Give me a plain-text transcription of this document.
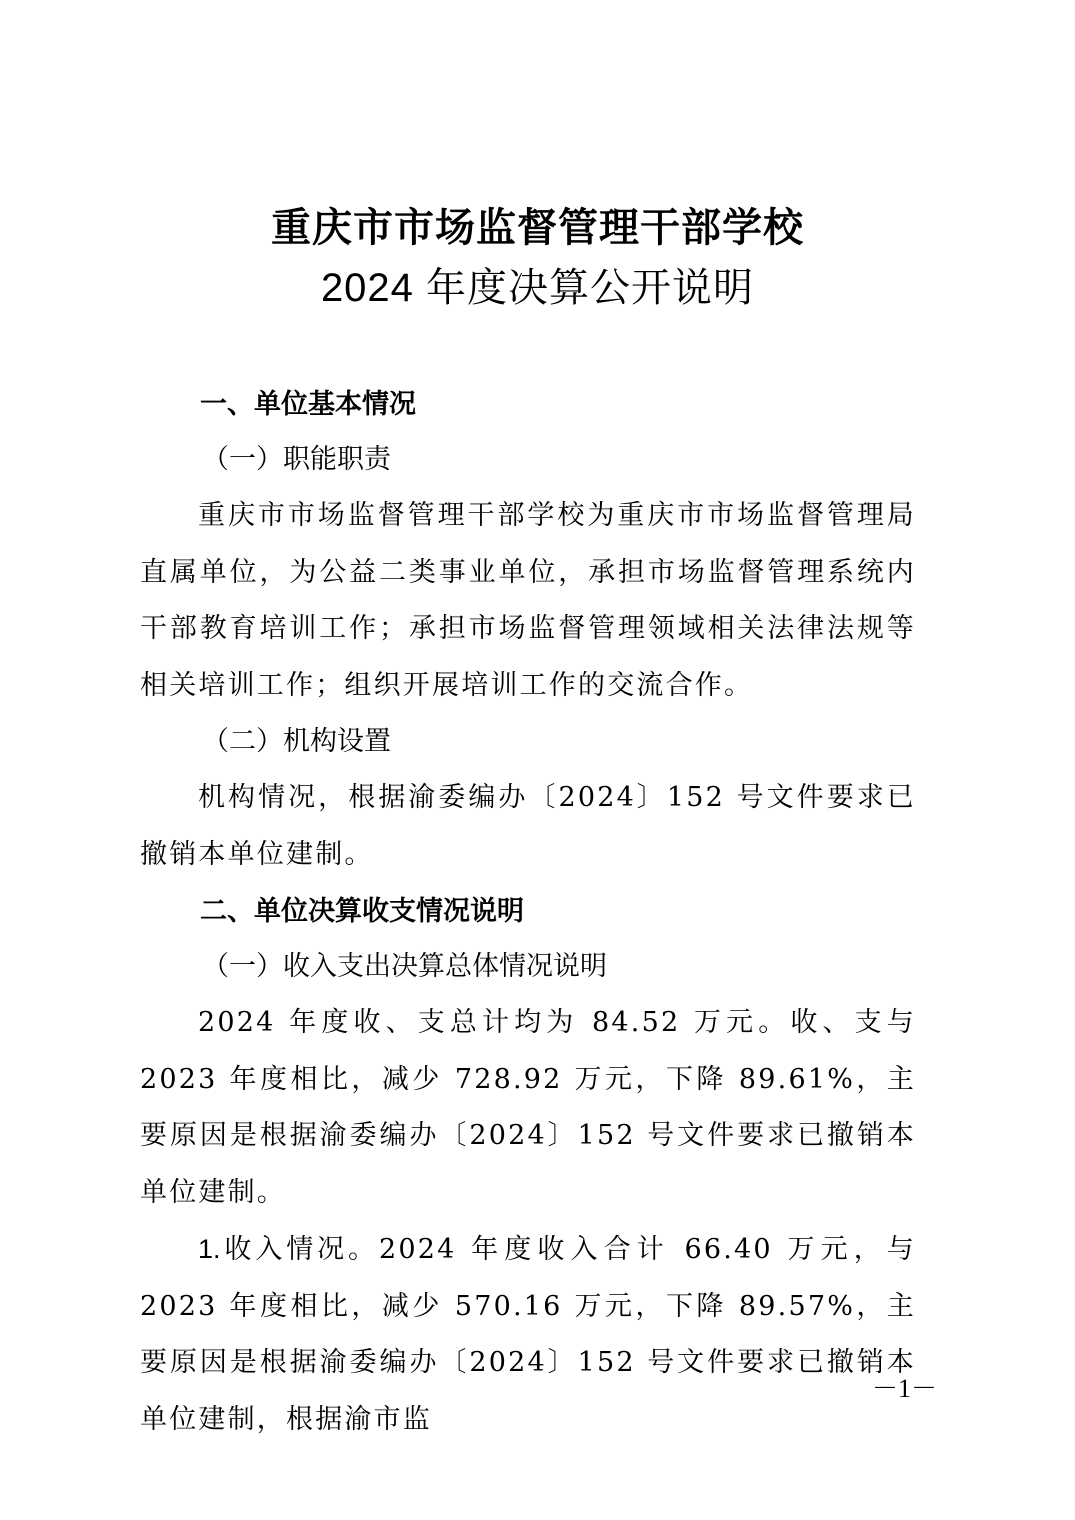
重庆市市场监督管理干部学校
2024 年度决算公开说明

一、单位基本情况

（一）职能职责

重庆市市场监督管理干部学校为重庆市市场监督管理局直属单位，为公益二类事业单位，承担市场监督管理系统内干部教育培训工作；承担市场监督管理领域相关法律法规等相关培训工作；组织开展培训工作的交流合作。

（二）机构设置

机构情况，根据渝委编办〔2024〕152 号文件要求已撤销本单位建制。

二、单位决算收支情况说明

（一）收入支出决算总体情况说明

2024 年度收、支总计均为 84.52 万元。收、支与 2023 年度相比，减少 728.92 万元，下降 89.61%，主要原因是根据渝委编办〔2024〕152 号文件要求已撤销本单位建制。

1.收入情况。2024 年度收入合计 66.40 万元，与 2023 年度相比，减少 570.16 万元，下降 89.57%，主要原因是根据渝委编办〔2024〕152 号文件要求已撤销本单位建制，根据渝市监

－1－
